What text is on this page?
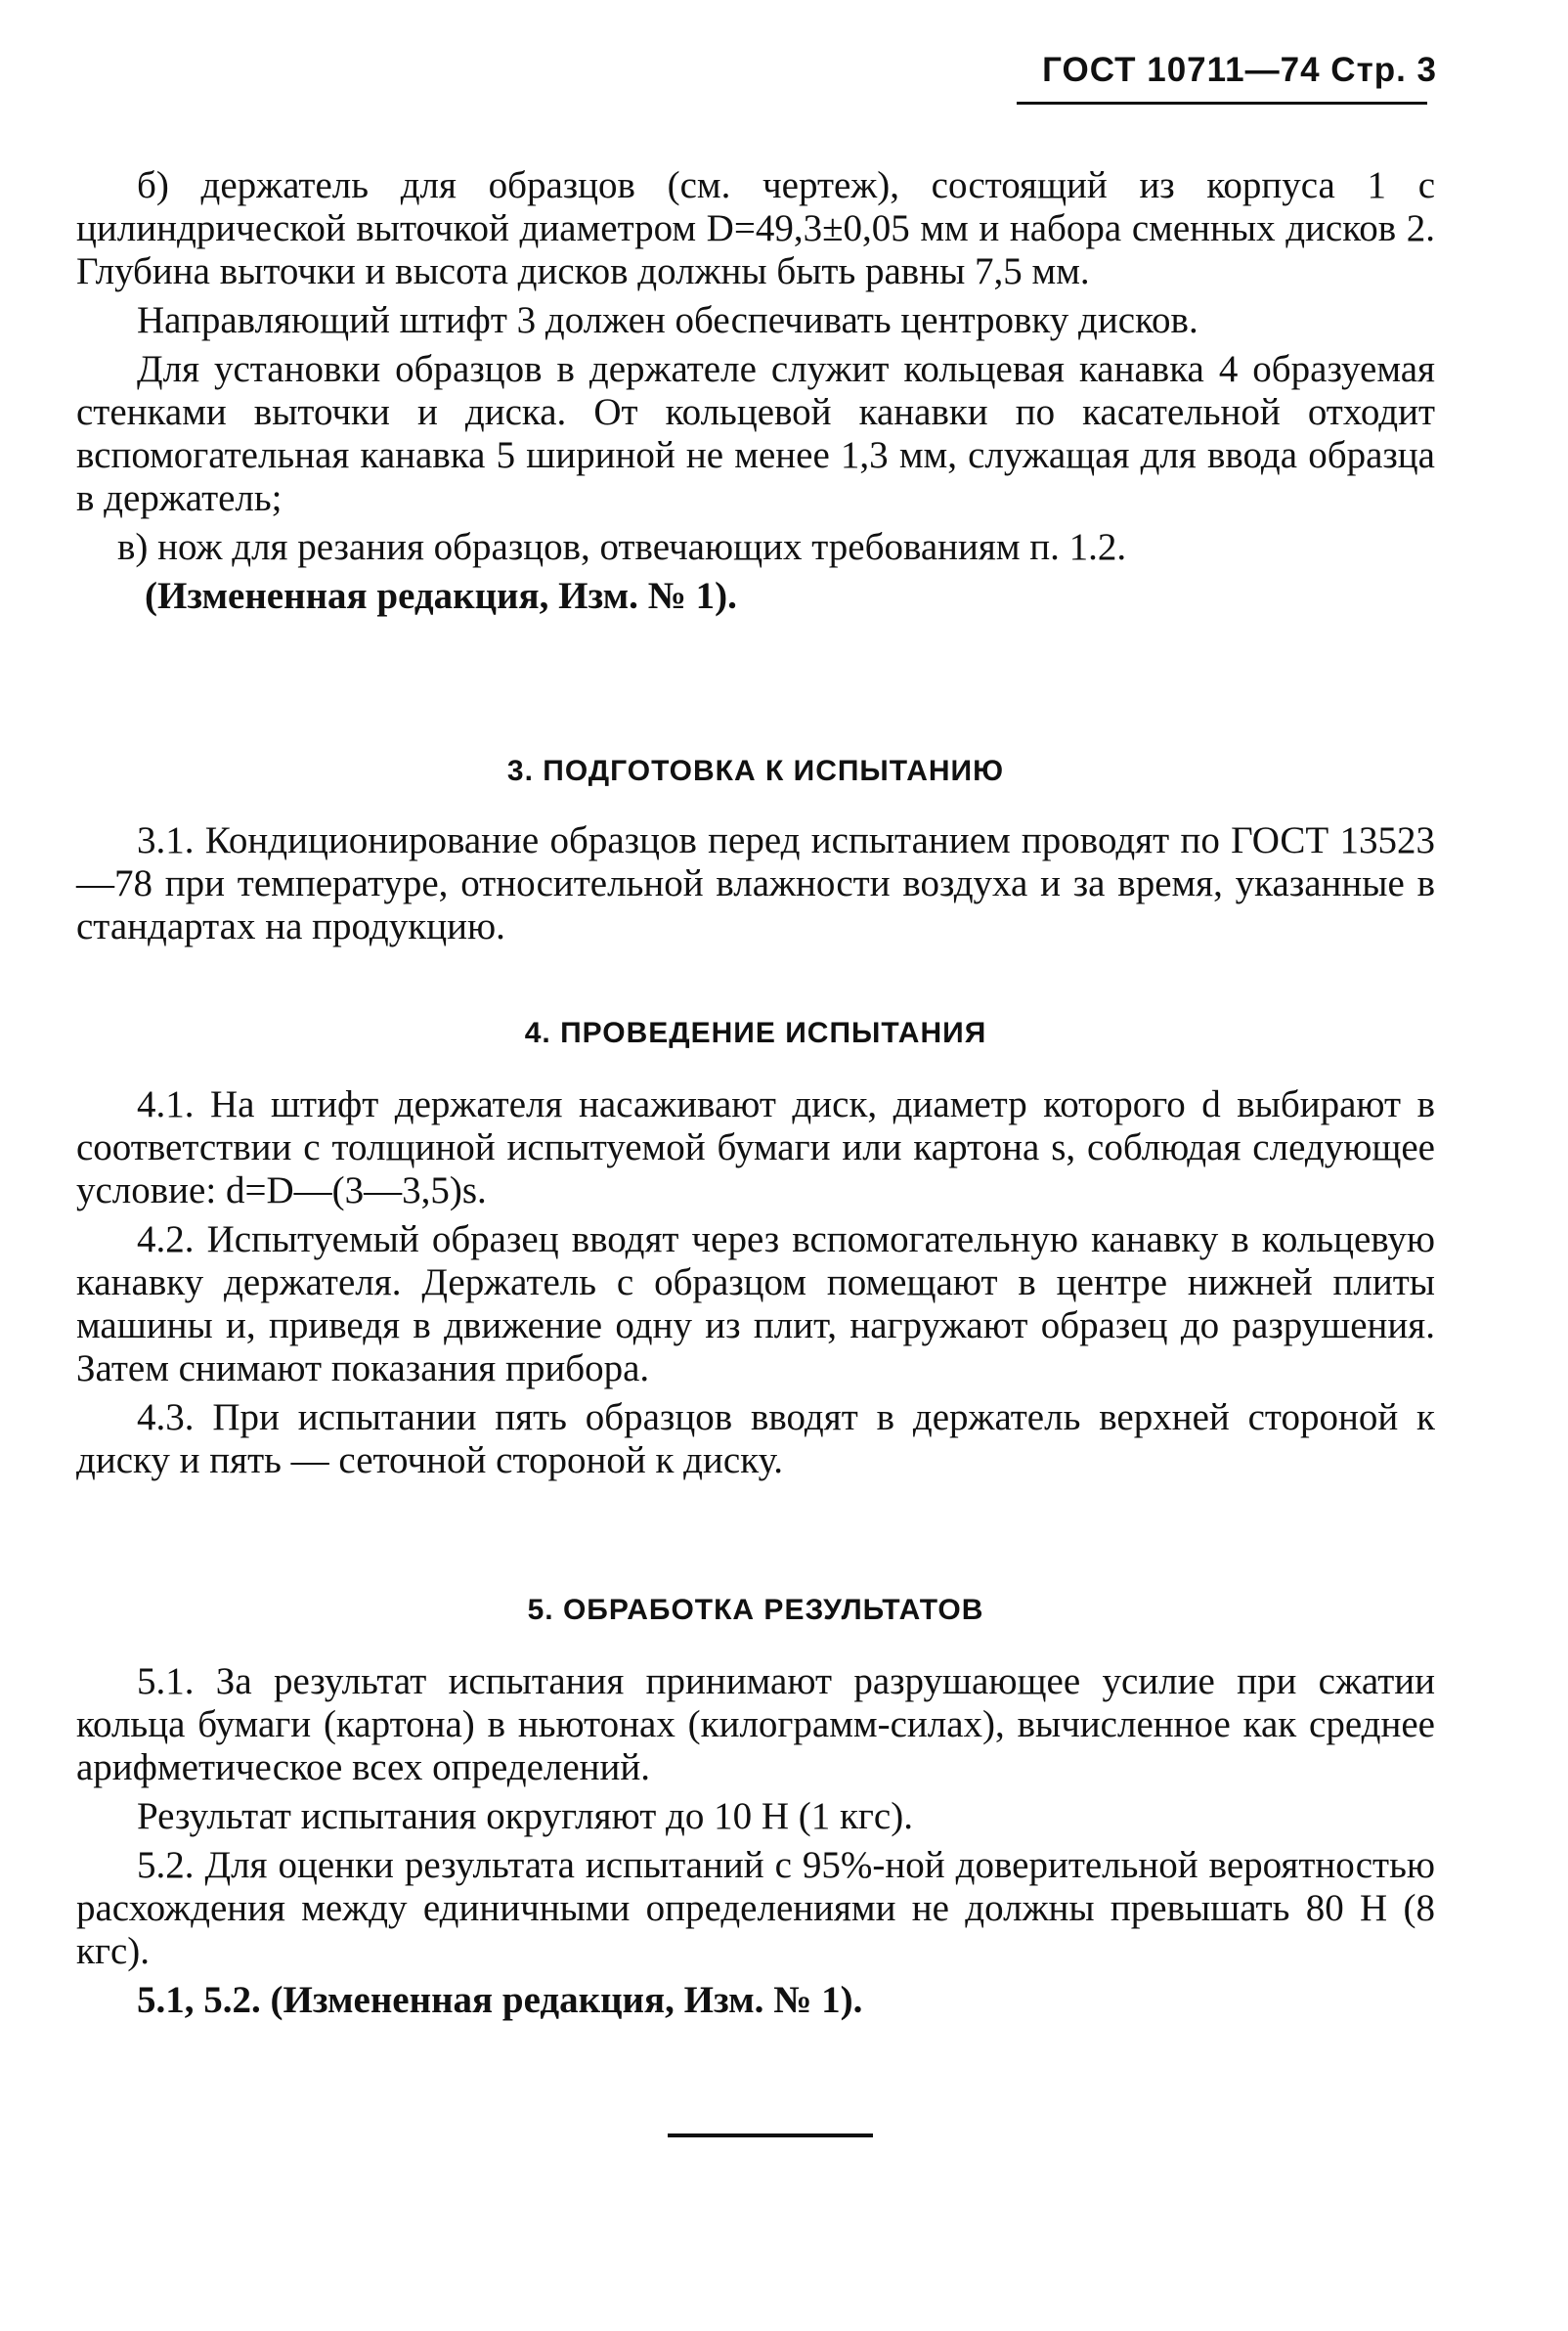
ГОСТ 10711—74 Стр. 3

б) держатель для образцов (см. чертеж), состоящий из корпуса 1 с цилиндрической выточкой диаметром D=49,3±0,05 мм и набора сменных дисков 2. Глубина выточки и высота дисков должны быть равны 7,5 мм.

Направляющий штифт 3 должен обеспечивать центровку дисков.

Для установки образцов в держателе служит кольцевая канавка 4 образуемая стенками выточки и диска. От кольцевой канавки по касательной отходит вспомогательная канавка 5 шириной не менее 1,3 мм, служащая для ввода образца в держатель;

в) нож для резания образцов, отвечающих требованиям п. 1.2.

(Измененная редакция, Изм. № 1).

3. ПОДГОТОВКА К ИСПЫТАНИЮ

3.1. Кондиционирование образцов перед испытанием проводят по ГОСТ 13523—78 при температуре, относительной влажности воздуха и за время, указанные в стандартах на продукцию.

4. ПРОВЕДЕНИЕ ИСПЫТАНИЯ

4.1. На штифт держателя насаживают диск, диаметр которого d выбирают в соответствии с толщиной испытуемой бумаги или картона s, соблюдая следующее условие: d=D—(3—3,5)s.

4.2. Испытуемый образец вводят через вспомогательную канавку в кольцевую канавку держателя. Держатель с образцом помещают в центре нижней плиты машины и, приведя в движение одну из плит, нагружают образец до разрушения. Затем снимают показания прибора.

4.3. При испытании пять образцов вводят в держатель верхней стороной к диску и пять — сеточной стороной к диску.

5. ОБРАБОТКА РЕЗУЛЬТАТОВ

5.1. За результат испытания принимают разрушающее усилие при сжатии кольца бумаги (картона) в ньютонах (килограмм-силах), вычисленное как среднее арифметическое всех определений.

Результат испытания округляют до 10 Н (1 кгс).

5.2. Для оценки результата испытаний с 95%-ной доверительной вероятностью расхождения между единичными определениями не должны превышать 80 Н (8 кгс).

5.1, 5.2. (Измененная редакция, Изм. № 1).
